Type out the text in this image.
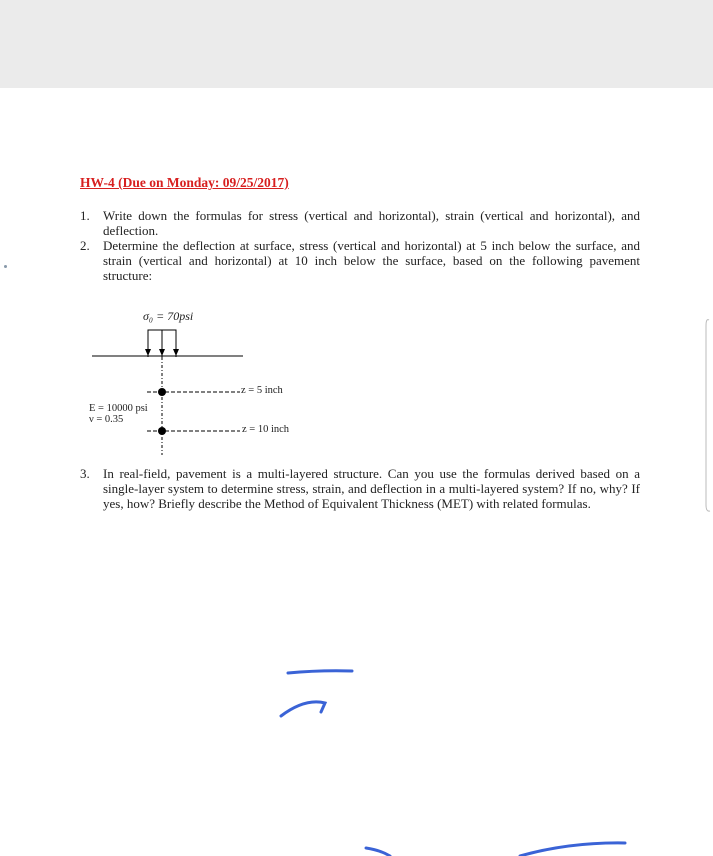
HW-4 (Due on Monday: 09/25/2017)
1. Write down the formulas for stress (vertical and horizontal), strain (vertical and horizontal), and deflection.
2. Determine the deflection at surface, stress (vertical and horizontal) at 5 inch below the surface, and strain (vertical and horizontal) at 10 inch below the surface, based on the following pavement structure:
σ₀ = 70psi
z = 5 inch
z = 10 inch
E = 10000 psi
ν = 0.35
3. In real-field, pavement is a multi-layered structure. Can you use the formulas derived based on a single-layer system to determine stress, strain, and deflection in a multi-layered system? If no, why? If yes, how? Briefly describe the Method of Equivalent Thickness (MET) with related formulas.
